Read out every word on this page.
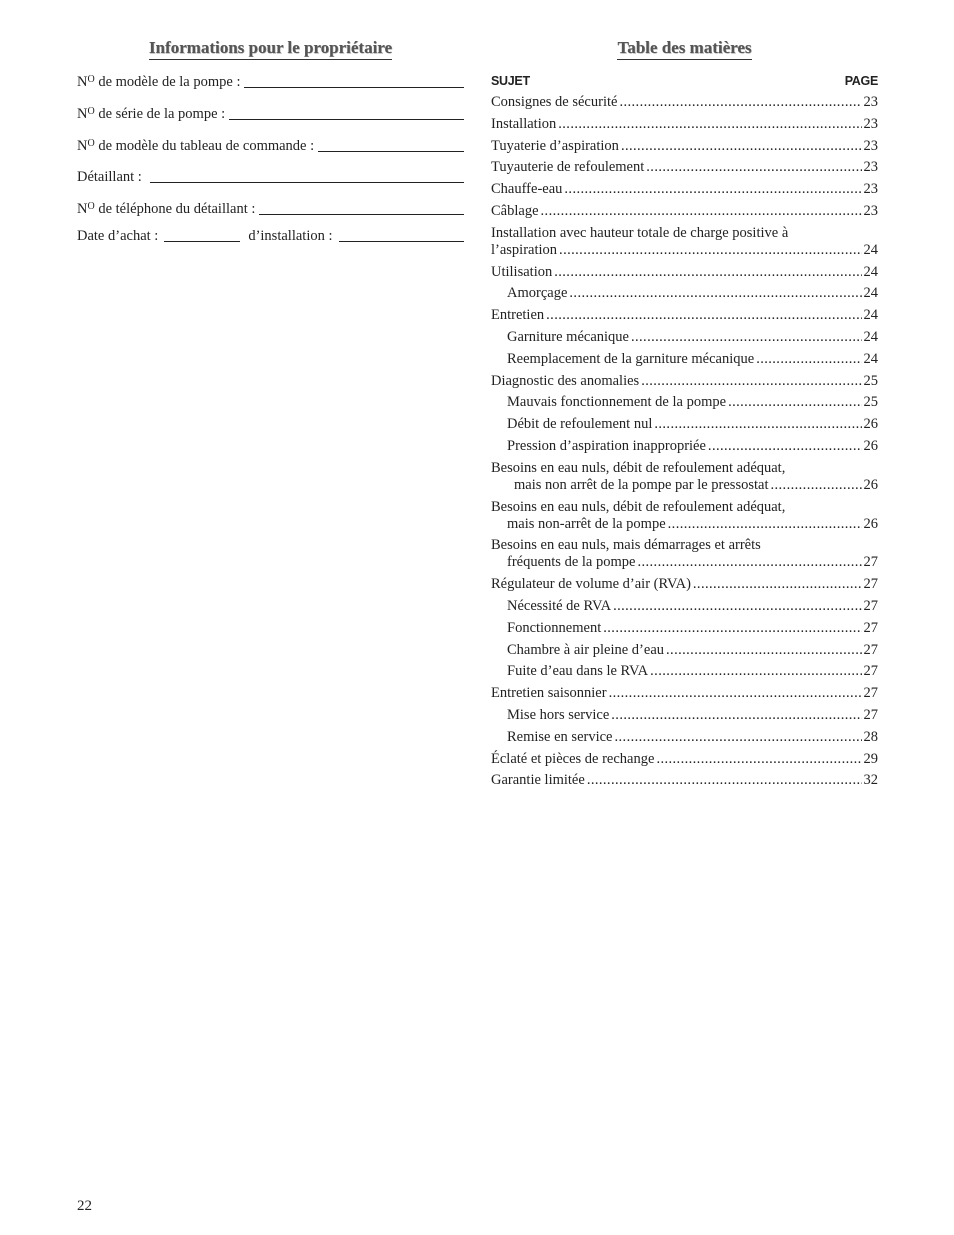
Informations pour le propriétaire
$N^O$ de modèle de la pompe :
$N^O$ de série de la pompe :
$N^O$ de modèle du tableau de commande :
Détaillant :
$N^O$ de téléphone du détaillant :
Date d’achat :	d’installation :
Table des matières
SUJET	PAGE
Consignes de sécurité .....	23
Installation .....	23
Tuyaterie d’aspiration .....	23
Tuyauterie de refoulement .....	23
Chauffe-eau .....	23
Câblage .....	23
Installation avec hauteur totale de charge positive à
l’aspiration .....	24
Utilisation .....	24
Amorçage .....	24
Entretien .....	24
Garniture mécanique .....	24
Reemplacement de la garniture mécanique .....	24
Diagnostic des anomalies .....	25
Mauvais fonctionnement de la pompe .....	25
Débit de refoulement nul .....	26
Pression d’aspiration inappropriée .....	26
Besoins en eau nuls, débit de refoulement adéquat,
mais non arrêt de la pompe par le pressostat .....	26
Besoins en eau nuls, débit de refoulement adéquat,
mais non-arrêt de la pompe .....	26
Besoins en eau nuls, mais démarrages et arrêts
fréquents de la pompe .....	27
Régulateur de volume d’air (RVA) .....	27
Nécessité de RVA .....	27
Fonctionnement .....	27
Chambre à air pleine d’eau .....	27
Fuite d’eau dans le RVA .....	27
Entretien saisonnier .....	27
Mise hors service .....	27
Remise en service .....	28
Éclaté et pièces de rechange .....	29
Garantie limitée .....	32
22
